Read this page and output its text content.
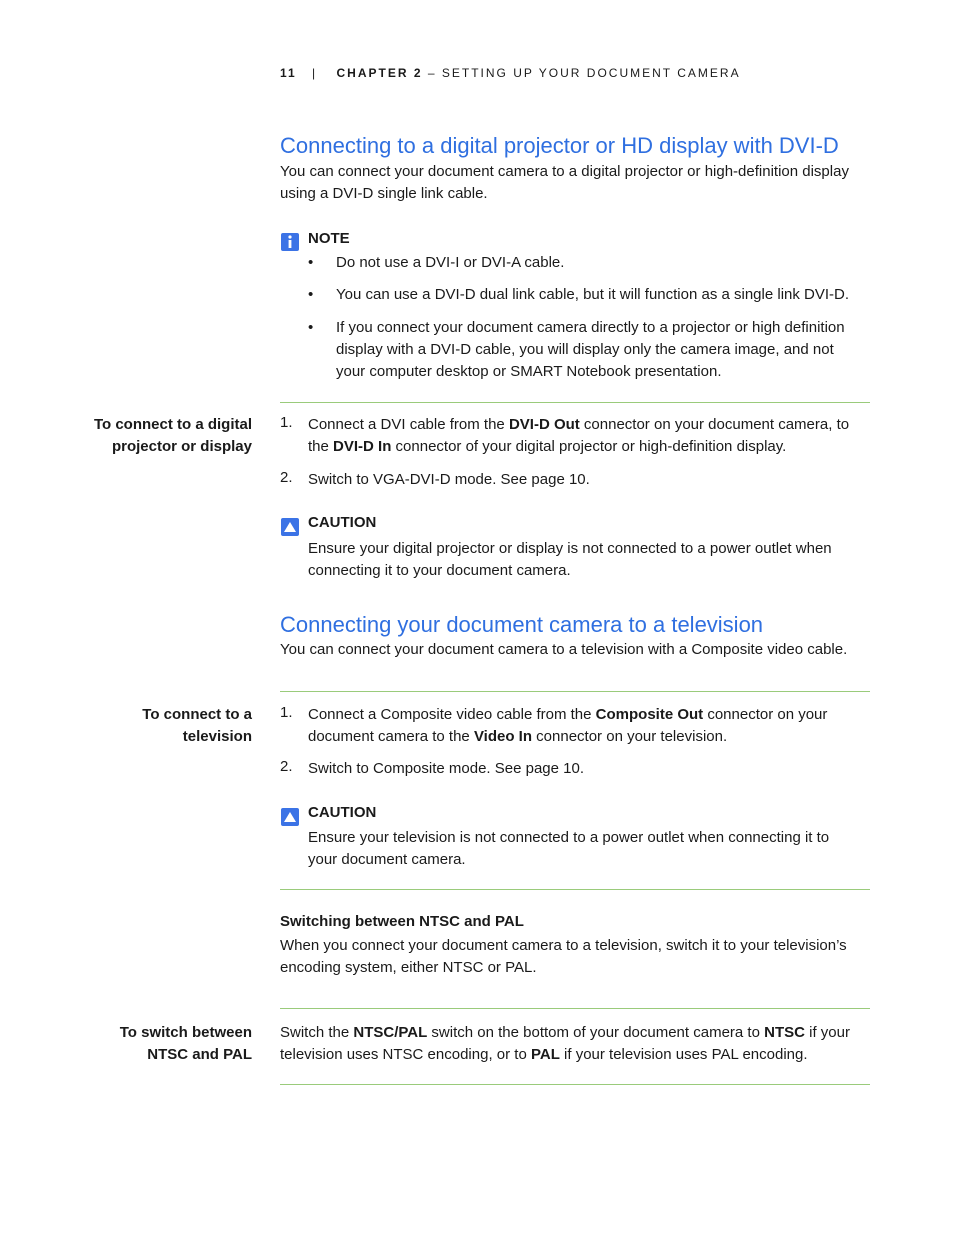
11 | CHAPTER 2 – SETTING UP YOUR DOCUMENT CAMERA
Connecting to a digital projector or HD display with DVI-D
You can connect your document camera to a digital projector or high-definition display
using a DVI-D single link cable.
NOTE
•	Do not use a DVI-I or DVI-A cable.
•	You can use a DVI-D dual link cable, but it will function as a single link DVI-D.
•	If you connect your document camera directly to a projector or high definition
display with a DVI-D cable, you will display only the camera image, and not
your computer desktop or SMART Notebook presentation.
To connect to a digital
projector or display
1.	Connect a DVI cable from the DVI-D Out connector on your document camera, to
the DVI-D In connector of your digital projector or high-definition display.
2.	Switch to VGA-DVI-D mode. See page 10.
CAUTION
Ensure your digital projector or display is not connected to a power outlet when
connecting it to your document camera.
Connecting your document camera to a television
You can connect your document camera to a television with a Composite video cable.
To connect to a
television
1.	Connect a Composite video cable from the Composite Out connector on your
document camera to the Video In connector on your television.
2.	Switch to Composite mode. See page 10.
CAUTION
Ensure your television is not connected to a power outlet when connecting it to
your document camera.
Switching between NTSC and PAL
When you connect your document camera to a television, switch it to your television’s
encoding system, either NTSC or PAL.
To switch between
NTSC and PAL
Switch the NTSC/PAL switch on the bottom of your document camera to NTSC if your
television uses NTSC encoding, or to PAL if your television uses PAL encoding.
